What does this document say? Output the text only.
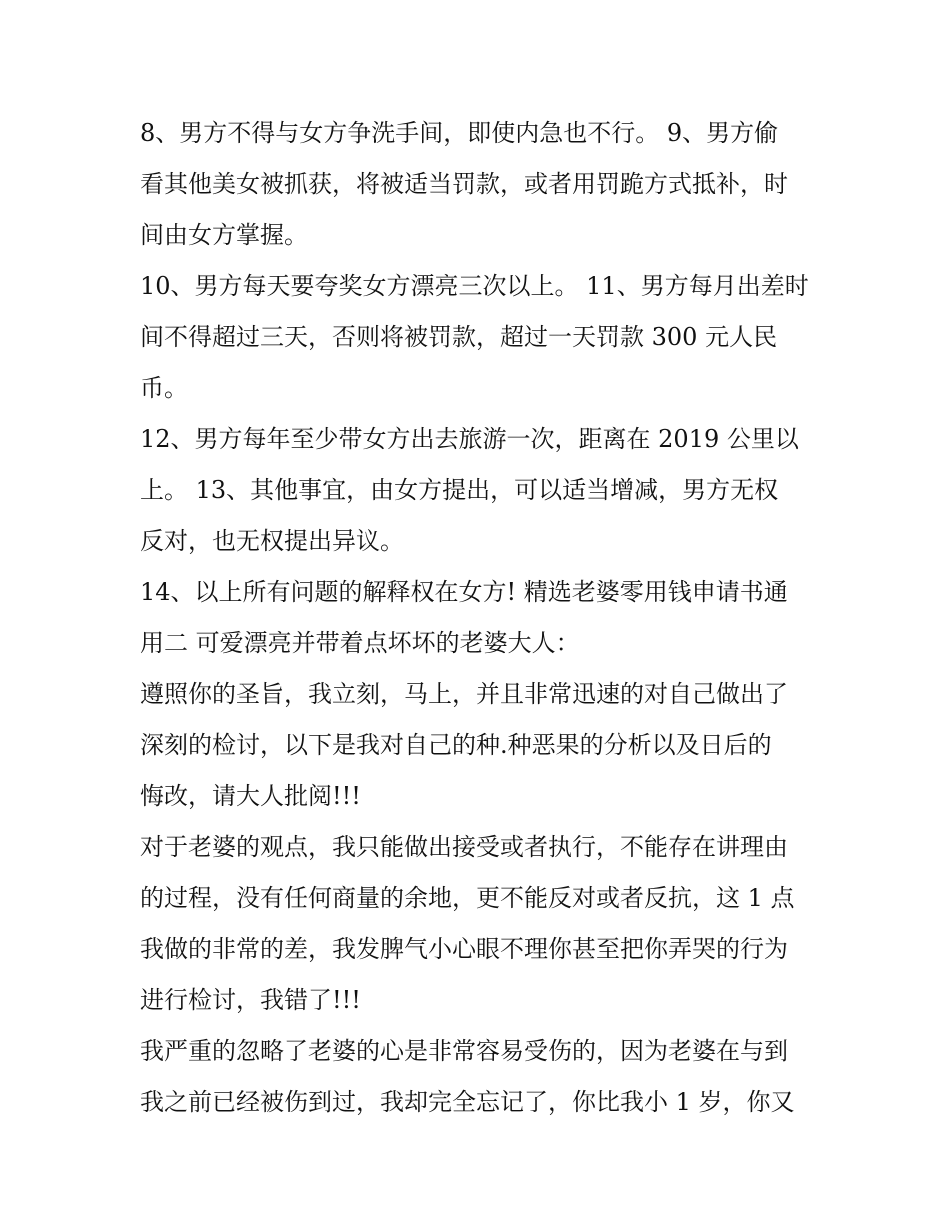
8、男方不得与女方争洗手间，即使内急也不行。 9、男方偷
看其他美女被抓获，将被适当罚款，或者用罚跪方式抵补，时
间由女方掌握。

10、男方每天要夸奖女方漂亮三次以上。 11、男方每月出差时
间不得超过三天，否则将被罚款，超过一天罚款 300 元人民
币。

12、男方每年至少带女方出去旅游一次，距离在 2019 公里以
上。 13、其他事宜，由女方提出，可以适当增减，男方无权
反对，也无权提出异议。

14、以上所有问题的解释权在女方! 精选老婆零用钱申请书通
用二 可爱漂亮并带着点坏坏的老婆大人：

遵照你的圣旨，我立刻，马上，并且非常迅速的对自己做出了
深刻的检讨，以下是我对自己的种.种恶果的分析以及日后的
悔改，请大人批阅!!!

对于老婆的观点，我只能做出接受或者执行，不能存在讲理由
的过程，没有任何商量的余地，更不能反对或者反抗，这 1 点
我做的非常的差，我发脾气小心眼不理你甚至把你弄哭的行为
进行检讨，我错了!!!

我严重的忽略了老婆的心是非常容易受伤的，因为老婆在与到
我之前已经被伤到过，我却完全忘记了，你比我小 1 岁，你又
